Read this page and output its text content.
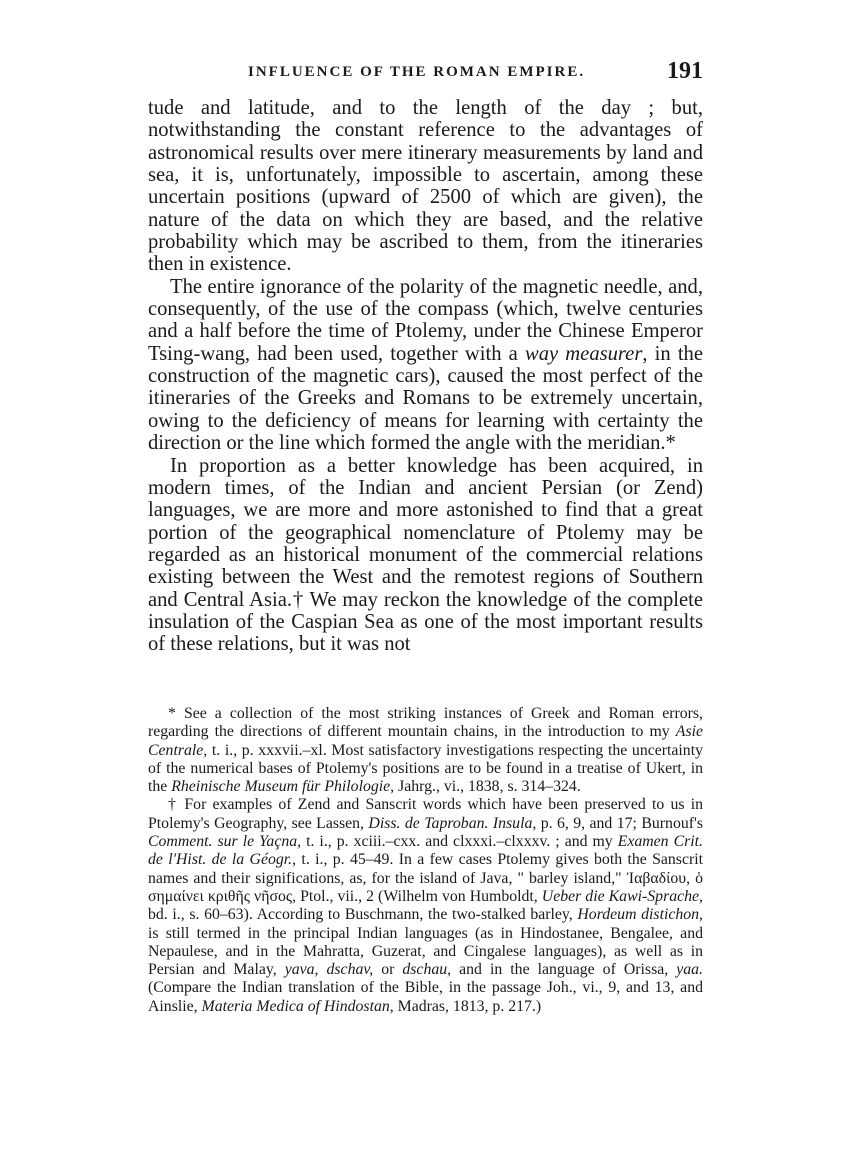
INFLUENCE OF THE ROMAN EMPIRE.	191

tude and latitude, and to the length of the day ; but, notwithstanding the constant reference to the advantages of astronomical results over mere itinerary measurements by land and sea, it is, unfortunately, impossible to ascertain, among these uncertain positions (upward of 2500 of which are given), the nature of the data on which they are based, and the relative probability which may be ascribed to them, from the itineraries then in existence.

The entire ignorance of the polarity of the magnetic needle, and, consequently, of the use of the compass (which, twelve centuries and a half before the time of Ptolemy, under the Chinese Emperor Tsing-wang, had been used, together with a way measurer, in the construction of the magnetic cars), caused the most perfect of the itineraries of the Greeks and Romans to be extremely uncertain, owing to the deficiency of means for learning with certainty the direction or the line which formed the angle with the meridian.*

In proportion as a better knowledge has been acquired, in modern times, of the Indian and ancient Persian (or Zend) languages, we are more and more astonished to find that a great portion of the geographical nomenclature of Ptolemy may be regarded as an historical monument of the commercial relations existing between the West and the remotest regions of Southern and Central Asia.† We may reckon the knowledge of the complete insulation of the Caspian Sea as one of the most important results of these relations, but it was not

* See a collection of the most striking instances of Greek and Roman errors, regarding the directions of different mountain chains, in the introduction to my Asie Centrale, t. i., p. xxxvii.–xl. Most satisfactory investigations respecting the uncertainty of the numerical bases of Ptolemy's positions are to be found in a treatise of Ukert, in the Rheinische Museum für Philologie, Jahrg., vi., 1838, s. 314–324.

† For examples of Zend and Sanscrit words which have been preserved to us in Ptolemy's Geography, see Lassen, Diss. de Taproban. Insula, p. 6, 9, and 17; Burnouf's Comment. sur le Yaçna, t. i., p. xciii.–cxx. and clxxxi.–clxxxv. ; and my Examen Crit. de l'Hist. de la Géogr., t. i., p. 45–49. In a few cases Ptolemy gives both the Sanscrit names and their significations, as, for the island of Java, " barley island," Ἰαβαδίου, ὁ σημαίνει κριθῆς νῆσος, Ptol., vii., 2 (Wilhelm von Humboldt, Ueber die Kawi-Sprache, bd. i., s. 60–63). According to Buschmann, the two-stalked barley, Hordeum distichon, is still termed in the principal Indian languages (as in Hindostanee, Bengalee, and Nepaulese, and in the Mahratta, Guzerat, and Cingalese languages), as well as in Persian and Malay, yava, dschav, or dschau, and in the language of Orissa, yaa. (Compare the Indian translation of the Bible, in the passage Joh., vi., 9, and 13, and Ainslie, Materia Medica of Hindostan, Madras, 1813, p. 217.)
